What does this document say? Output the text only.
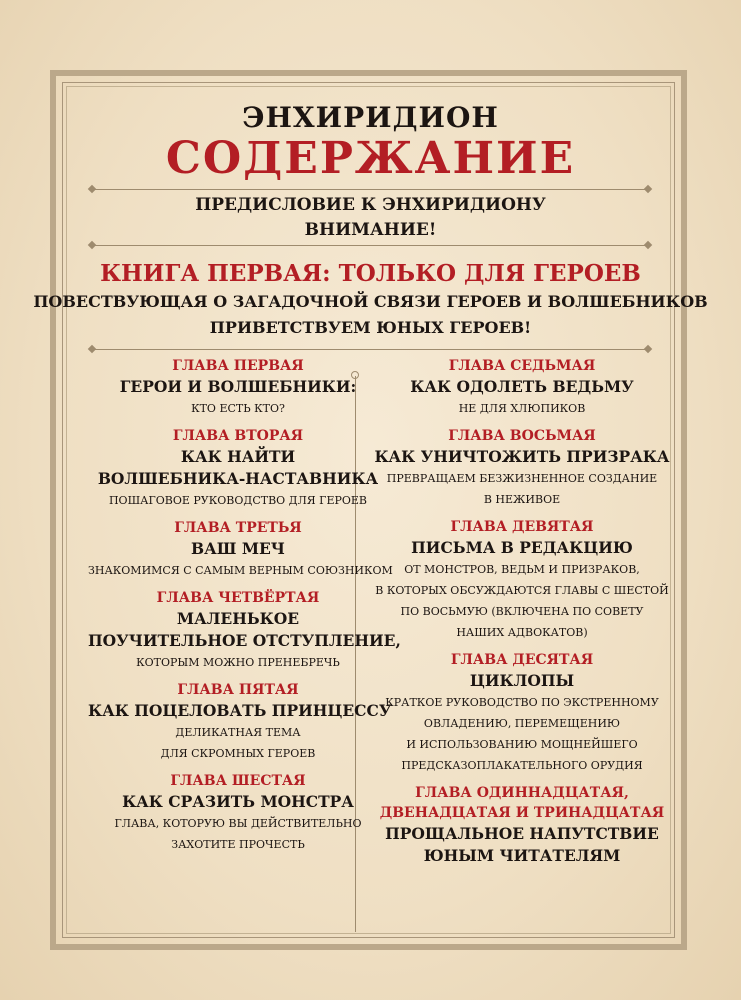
ЭНХИРИДИОН
СОДЕРЖАНИЕ
ПРЕДИСЛОВИЕ К ЭНХИРИДИОНУ
ВНИМАНИЕ!
КНИГА ПЕРВАЯ: ТОЛЬКО ДЛЯ ГЕРОЕВ
ПОВЕСТВУЮЩАЯ О ЗАГАДОЧНОЙ СВЯЗИ ГЕРОЕВ И ВОЛШЕБНИКОВ
ПРИВЕТСТВУЕМ ЮНЫХ ГЕРОЕВ!
ГЛАВА ПЕРВАЯ
ГЕРОИ И ВОЛШЕБНИКИ:
КТО ЕСТЬ КТО?
ГЛАВА ВТОРАЯ
КАК НАЙТИ
ВОЛШЕБНИКА-НАСТАВНИКА
ПОШАГОВОЕ РУКОВОДСТВО ДЛЯ ГЕРОЕВ
ГЛАВА ТРЕТЬЯ
ВАШ МЕЧ
ЗНАКОМИМСЯ С САМЫМ ВЕРНЫМ СОЮЗНИКОМ
ГЛАВА ЧЕТВЁРТАЯ
МАЛЕНЬКОЕ
ПОУЧИТЕЛЬНОЕ ОТСТУПЛЕНИЕ,
КОТОРЫМ МОЖНО ПРЕНЕБРЕЧЬ
ГЛАВА ПЯТАЯ
КАК ПОЦЕЛОВАТЬ ПРИНЦЕССУ
ДЕЛИКАТНАЯ ТЕМА
ДЛЯ СКРОМНЫХ ГЕРОЕВ
ГЛАВА ШЕСТАЯ
КАК СРАЗИТЬ МОНСТРА
ГЛАВА, КОТОРУЮ ВЫ ДЕЙСТВИТЕЛЬНО
ЗАХОТИТЕ ПРОЧЕСТЬ
ГЛАВА СЕДЬМАЯ
КАК ОДОЛЕТЬ ВЕДЬМУ
НЕ ДЛЯ ХЛЮПИКОВ
ГЛАВА ВОСЬМАЯ
КАК УНИЧТОЖИТЬ ПРИЗРАКА
ПРЕВРАЩАЕМ БЕЗЖИЗНЕННОЕ СОЗДАНИЕ
В НЕЖИВОЕ
ГЛАВА ДЕВЯТАЯ
ПИСЬМА В РЕДАКЦИЮ
ОТ МОНСТРОВ, ВЕДЬМ И ПРИЗРАКОВ,
В КОТОРЫХ ОБСУЖДАЮТСЯ ГЛАВЫ С ШЕСТОЙ
ПО ВОСЬМУЮ (ВКЛЮЧЕНА ПО СОВЕТУ
НАШИХ АДВОКАТОВ)
ГЛАВА ДЕСЯТАЯ
ЦИКЛОПЫ
КРАТКОЕ РУКОВОДСТВО ПО ЭКСТРЕННОМУ
ОВЛАДЕНИЮ, ПЕРЕМЕЩЕНИЮ
И ИСПОЛЬЗОВАНИЮ МОЩНЕЙШЕГО
ПРЕДСКАЗОПЛАКАТЕЛЬНОГО ОРУДИЯ
ГЛАВА ОДИННАДЦАТАЯ,
ДВЕНАДЦАТАЯ И ТРИНАДЦАТАЯ
ПРОЩАЛЬНОЕ НАПУТСТВИЕ
ЮНЫМ ЧИТАТЕЛЯМ
